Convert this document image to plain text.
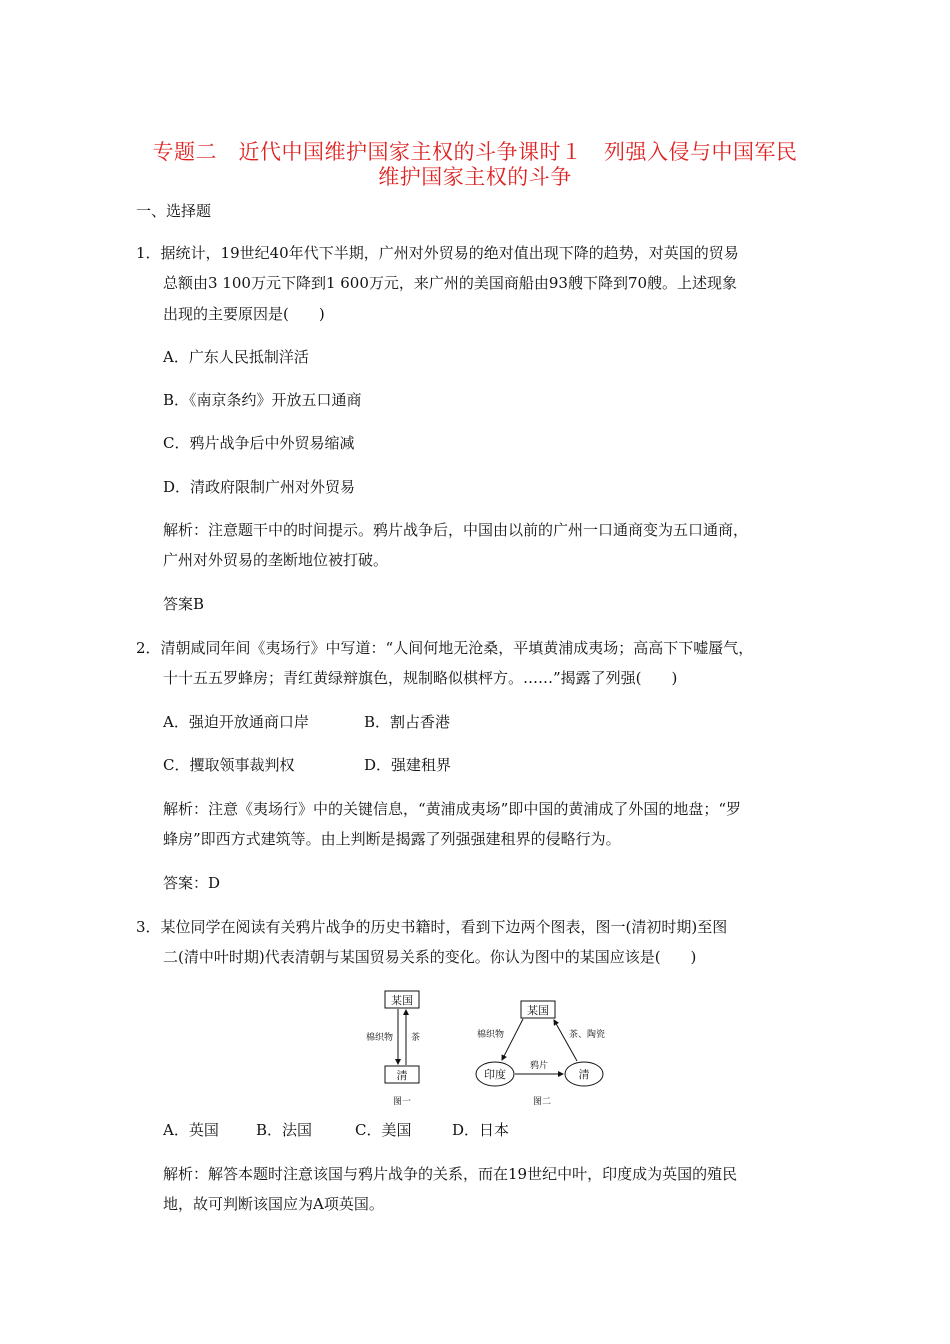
专题二　近代中国维护国家主权的斗争课时１　列强入侵与中国军民
维护国家主权的斗争
一、选择题
1．据统计，19世纪40年代下半期，广州对外贸易的绝对值出现下降的趋势，对英国的贸易
总额由3 100万元下降到1 600万元，来广州的美国商船由93艘下降到70艘。上述现象
出现的主要原因是(　　)
A．广东人民抵制洋活
B．《南京条约》开放五口通商
C．鸦片战争后中外贸易缩减
D．清政府限制广州对外贸易
解析：注意题干中的时间提示。鸦片战争后，中国由以前的广州一口通商变为五口通商，
广州对外贸易的垄断地位被打破。
答案B
2．清朝咸同年间《夷场行》中写道：“人间何地无沧桑，平填黄浦成夷场；高高下下嘘蜃气，
十十五五罗蜂房；青红黄绿辩旗色，规制略似棋枰方。……”揭露了列强(　　)
A．强迫开放通商口岸	B．割占香港
C．攫取领事裁判权	D．强建租界
解析：注意《夷场行》中的关键信息，“黄浦成夷场”即中国的黄浦成了外国的地盘；“罗
蜂房”即西方式建筑等。由上判断是揭露了列强强建租界的侵略行为。
答案：D
3．某位同学在阅读有关鸦片战争的历史书籍时，看到下边两个图表，图一(清初时期)至图
二(清中叶时期)代表清朝与某国贸易关系的变化。你认为图中的某国应该是(　　)
某国
棉织物 茶
清
图一
某国
印度	清
棉织物	茶、陶瓷
鸦片
图二
A．英国 B．法国	C．美国	D．日本
解析：解答本题时注意该国与鸦片战争的关系，而在19世纪中叶，印度成为英国的殖民
地，故可判断该国应为A项英国。
